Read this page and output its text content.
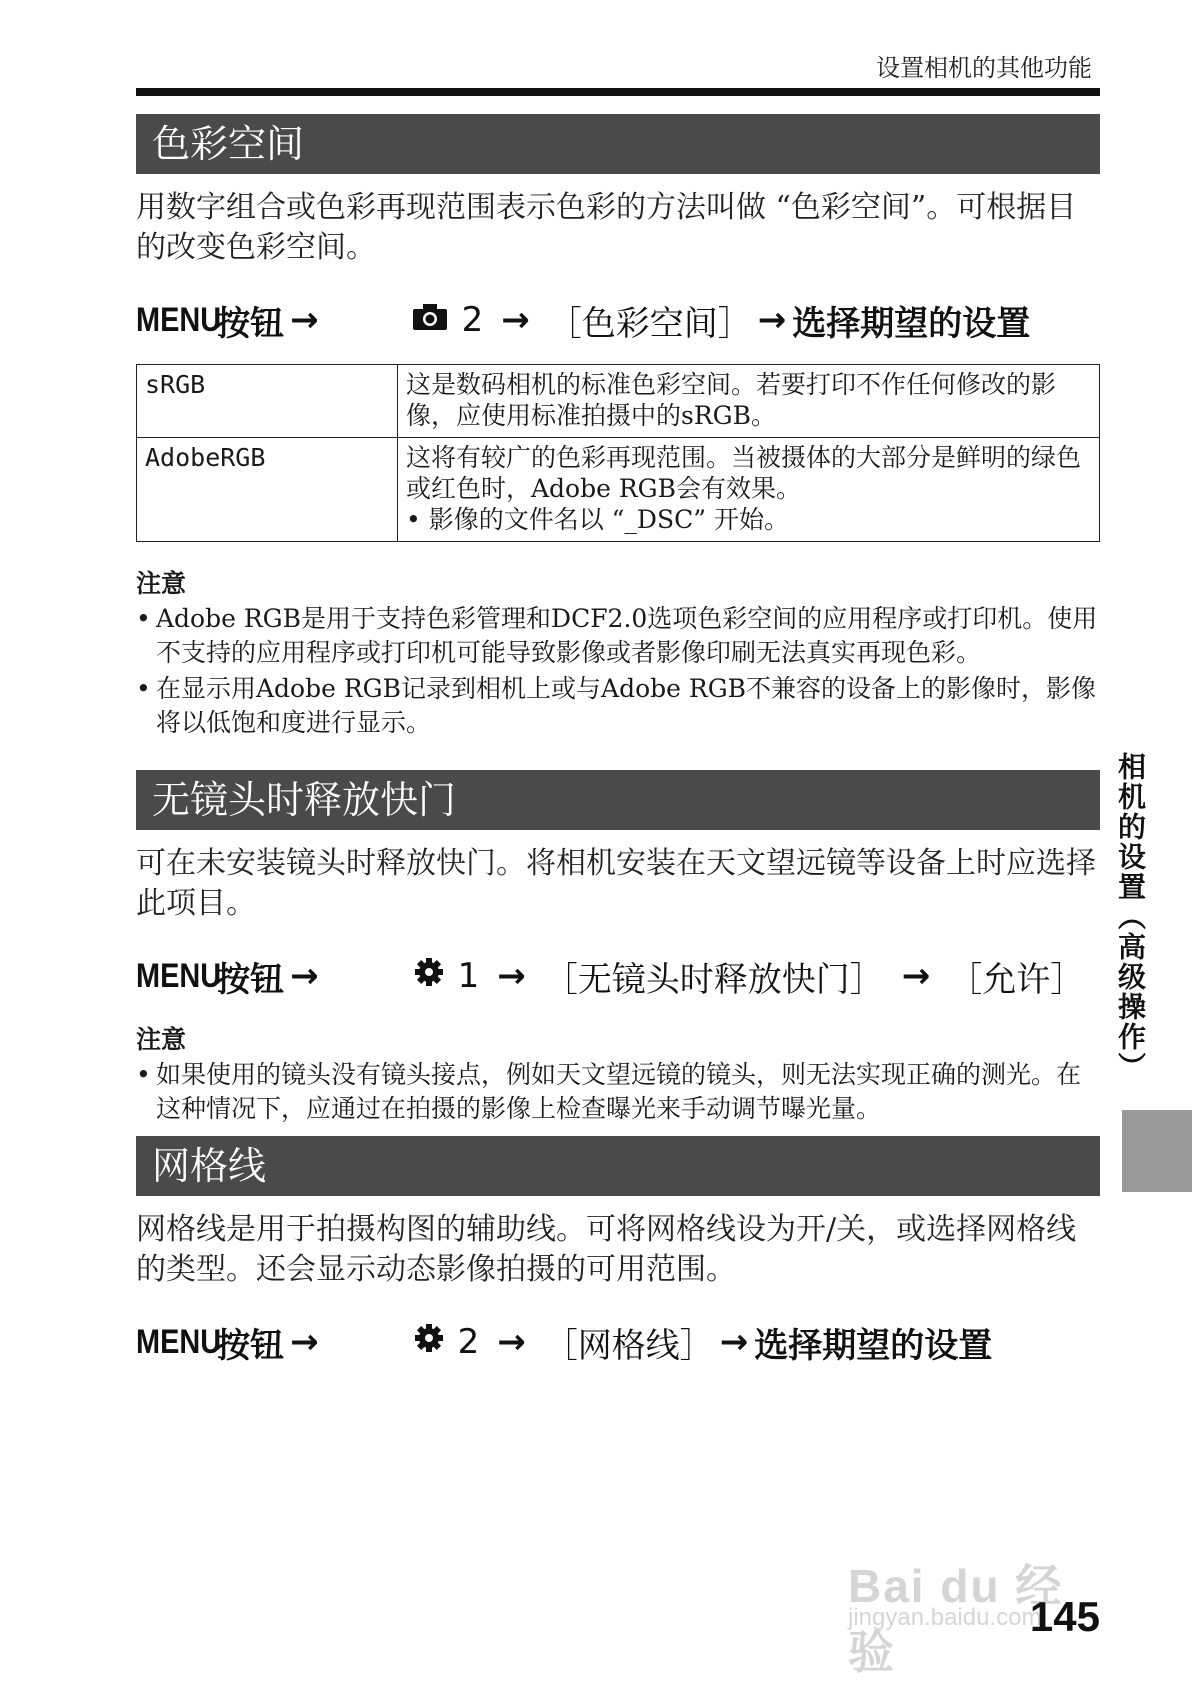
设置相机的其他功能
色彩空间
用数字组合或色彩再现范围表示色彩的方法叫做 “色彩空间”。可根据目的改变色彩空间。
MENU
按钮 →

	2 → ［色彩空间］ → 选择期望的设置
sRGB	这是数码相机的标准色彩空间。若要打印不作任何修改的影像，应使用标准拍摄中的sRGB。
AdobeRGB	这将有较广的色彩再现范围。当被摄体的大部分是鲜明的绿色或红色时，Adobe RGB会有效果。
• 影像的文件名以 “_DSC” 开始。
注意
• Adobe RGB是用于支持色彩管理和DCF2.0选项色彩空间的应用程序或打印机。使用不支持的应用程序或打印机可能导致影像或者影像印刷无法真实再现色彩。
• 在显示用Adobe RGB记录到相机上或与Adobe RGB不兼容的设备上的影像时，影像将以低饱和度进行显示。
无镜头时释放快门
可在未安装镜头时释放快门。将相机安装在天文望远镜等设备上时应选择此项目。
MENU
按钮 →

	1 → ［无镜头时释放快门］ → ［允许］
注意
• 如果使用的镜头没有镜头接点，例如天文望远镜的镜头，则无法实现正确的测光。在这种情况下，应通过在拍摄的影像上检查曝光来手动调节曝光量。
网格线
网格线是用于拍摄构图的辅助线。可将网格线设为开/关，或选择网格线的类型。还会显示动态影像拍摄的可用范围。
MENU
按钮 →

	2 → ［网格线］ → 选择期望的设置
相机的设置（高级操作）
Bai du 经验
jingyan.baidu.com
145
